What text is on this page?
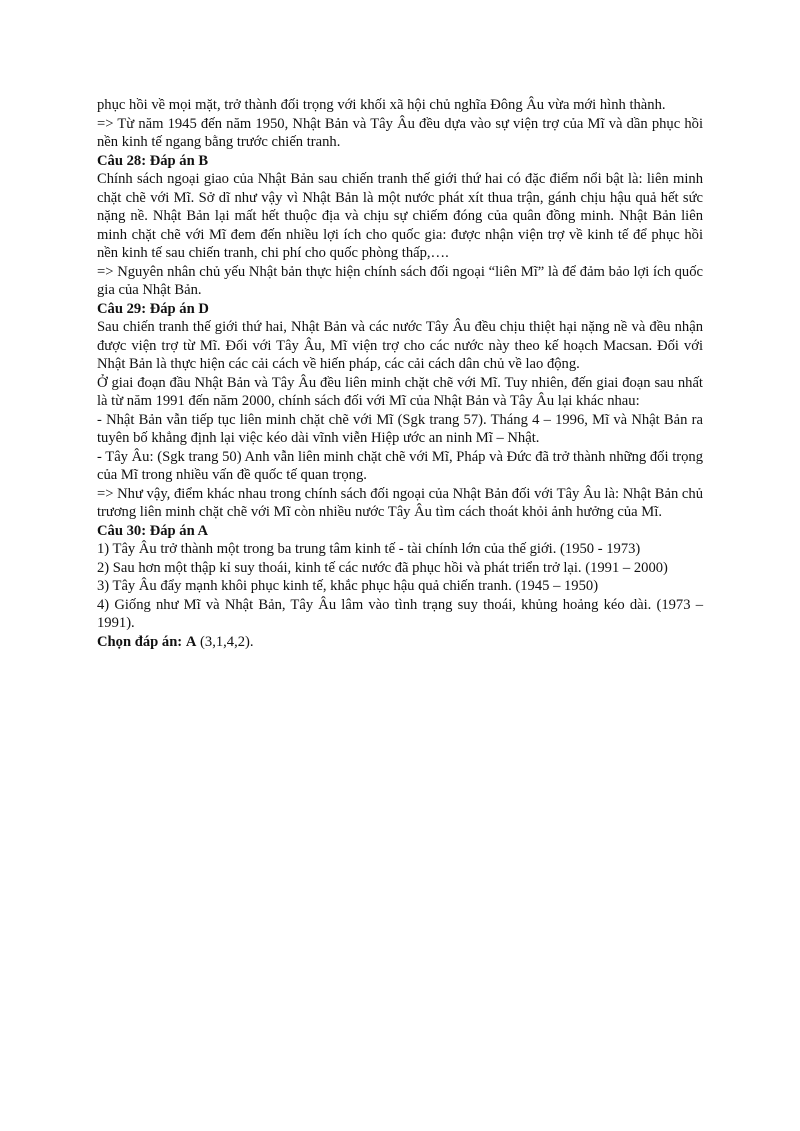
phục hồi về mọi mặt, trở thành đối trọng với khối xã hội chủ nghĩa Đông Âu vừa mới hình thành.

=> Từ năm 1945 đến năm 1950, Nhật Bản và Tây Âu đều dựa vào sự viện trợ của Mĩ và dần phục hồi nền kinh tế ngang bằng trước chiến tranh.

Câu 28: Đáp án B

Chính sách ngoại giao của Nhật Bản sau chiến tranh thế giới thứ hai có đặc điểm nổi bật là: liên minh chặt chẽ với Mĩ. Sở dĩ như vậy vì Nhật Bản là một nước phát xít thua trận, gánh chịu hậu quả hết sức nặng nề. Nhật Bản lại mất hết thuộc địa và chịu sự chiếm đóng của quân đồng minh. Nhật Bản liên minh chặt chẽ với Mĩ đem đến nhiều lợi ích cho quốc gia: được nhận viện trợ về kinh tế để phục hồi nền kinh tế sau chiến tranh, chi phí cho quốc phòng thấp,….

=> Nguyên nhân chủ yếu Nhật bản thực hiện chính sách đối ngoại “liên Mĩ” là để đảm bảo lợi ích quốc gia của Nhật Bản.

Câu 29: Đáp án D

Sau chiến tranh thế giới thứ hai, Nhật Bản và các nước Tây Âu đều chịu thiệt hại nặng nề và đều nhận được viện trợ từ Mĩ. Đối với Tây Âu, Mĩ viện trợ cho các nước này theo kế hoạch Macsan. Đối với Nhật Bản là thực hiện các cải cách về hiến pháp, các cải cách dân chủ về lao động.

Ở giai đoạn đầu Nhật Bản và Tây Âu đều liên minh chặt chẽ với Mĩ. Tuy nhiên, đến giai đoạn sau nhất là từ năm 1991 đến năm 2000, chính sách đối với Mĩ của Nhật Bản và Tây Âu lại khác nhau:

- Nhật Bản vẫn tiếp tục liên minh chặt chẽ với Mĩ (Sgk trang 57). Tháng 4 – 1996, Mĩ và Nhật Bản ra tuyên bố khẳng định lại việc kéo dài vĩnh viễn Hiệp ước an ninh Mĩ – Nhật.

- Tây Âu: (Sgk trang 50) Anh vẫn liên minh chặt chẽ với Mĩ, Pháp và Đức đã trở thành những đối trọng của Mĩ trong nhiều vấn đề quốc tế quan trọng.

=> Như vậy, điểm khác nhau trong chính sách đối ngoại của Nhật Bản đối với Tây Âu là: Nhật Bản chủ trương liên minh chặt chẽ với Mĩ còn nhiều nước Tây Âu tìm cách thoát khỏi ảnh hưởng của Mĩ.

Câu 30: Đáp án A

1) Tây Âu trở thành một trong ba trung tâm kinh tế - tài chính lớn của thế giới. (1950 - 1973)

2) Sau hơn một thập kỉ suy thoái, kinh tế các nước đã phục hồi và phát triển trở lại. (1991 – 2000)

3) Tây Âu đẩy mạnh khôi phục kinh tế, khắc phục hậu quả chiến tranh. (1945 – 1950)

4) Giống như Mĩ và Nhật Bản, Tây Âu lâm vào tình trạng suy thoái, khủng hoảng kéo dài. (1973 – 1991).

Chọn đáp án: A (3,1,4,2).
